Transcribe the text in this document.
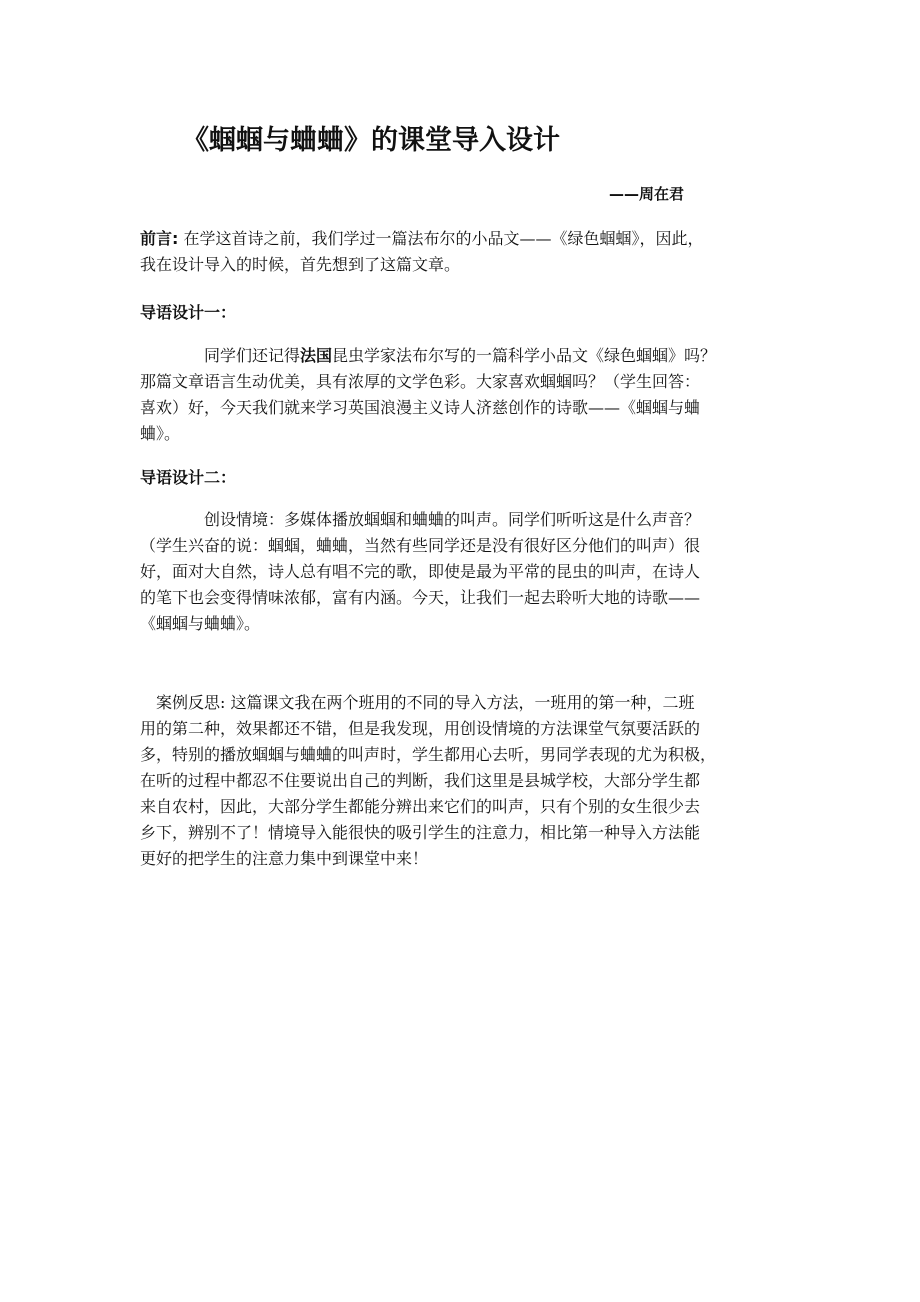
《蝈蝈与蛐蛐》的课堂导入设计
——周在君
前言: 在学这首诗之前，我们学过一篇法布尔的小品文——《绿色蝈蝈》，因此，
我在设计导入的时候，首先想到了这篇文章。
导语设计一：
同学们还记得法国昆虫学家法布尔写的一篇科学小品文《绿色蝈蝈》吗？
那篇文章语言生动优美，具有浓厚的文学色彩。大家喜欢蝈蝈吗？（学生回答：
喜欢）好，今天我们就来学习英国浪漫主义诗人济慈创作的诗歌——《蝈蝈与蛐
蛐》。
导语设计二：
创设情境：多媒体播放蝈蝈和蛐蛐的叫声。同学们听听这是什么声音？
（学生兴奋的说：蝈蝈，蛐蛐，当然有些同学还是没有很好区分他们的叫声）很
好，面对大自然，诗人总有唱不完的歌，即使是最为平常的昆虫的叫声，在诗人
的笔下也会变得情味浓郁，富有内涵。今天，让我们一起去聆听大地的诗歌——
《蝈蝈与蛐蛐》。
案例反思: 这篇课文我在两个班用的不同的导入方法，一班用的第一种，二班
用的第二种，效果都还不错，但是我发现，用创设情境的方法课堂气氛要活跃的
多，特别的播放蝈蝈与蛐蛐的叫声时，学生都用心去听，男同学表现的尤为积极，
在听的过程中都忍不住要说出自己的判断，我们这里是县城学校，大部分学生都
来自农村，因此，大部分学生都能分辨出来它们的叫声，只有个别的女生很少去
乡下，辨别不了！情境导入能很快的吸引学生的注意力，相比第一种导入方法能
更好的把学生的注意力集中到课堂中来！
